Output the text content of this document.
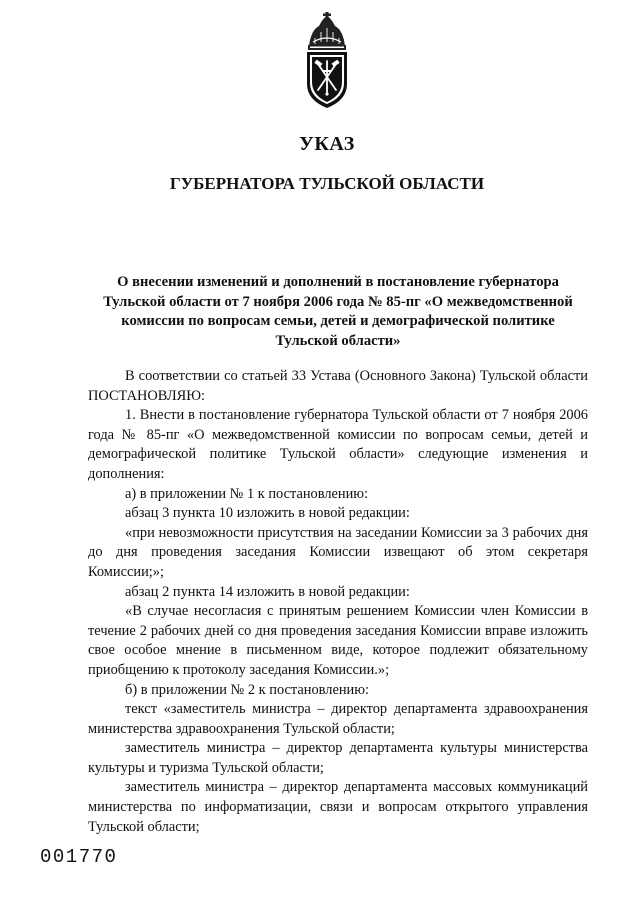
УКАЗ
ГУБЕРНАТОРА ТУЛЬСКОЙ ОБЛАСТИ
О внесении изменений и дополнений в постановление губернатора
Тульской области от 7 ноября 2006 года № 85-пг «О межведомственной
комиссии по вопросам семьи, детей и демографической политике
Тульской области»

В соответствии со статьей 33 Устава (Основного Закона) Тульской области ПОСТАНОВЛЯЮ:

1. Внести в постановление губернатора Тульской области от 7 ноября 2006 года № 85-пг «О межведомственной комиссии по вопросам семьи, детей и демографической политике Тульской области» следующие изменения и дополнения:

а) в приложении № 1 к постановлению:

абзац 3 пункта 10 изложить в новой редакции:

«при невозможности присутствия на заседании Комиссии за 3 рабочих дня до дня проведения заседания Комиссии извещают об этом секретаря Комиссии;»;

абзац 2 пункта 14 изложить в новой редакции:

«В случае несогласия с принятым решением Комиссии член Комиссии в течение 2 рабочих дней со дня проведения заседания Комиссии вправе изложить свое особое мнение в письменном виде, которое подлежит обязательному приобщению к протоколу заседания Комиссии.»;

б) в приложении № 2 к постановлению:

текст «заместитель министра – директор департамента здравоохранения министерства здравоохранения Тульской области;

заместитель министра – директор департамента культуры министерства культуры и туризма Тульской области;

заместитель министра – директор департамента массовых коммуникаций министерства по информатизации, связи и вопросам открытого управления Тульской области;

001770
